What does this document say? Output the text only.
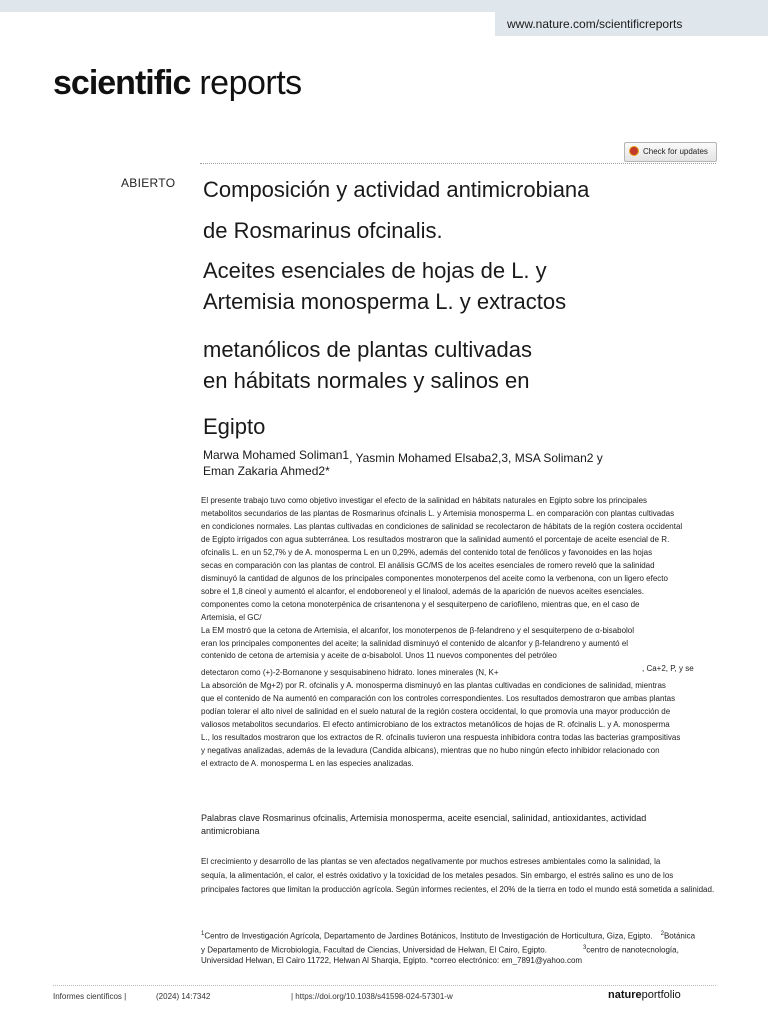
www.nature.com/scientificreports
scientific reports
Check for updates
ABIERTO Composición y actividad antimicrobiana
de Rosmarinus ofcinalis.
Aceites esenciales de hojas de L. y
Artemisia monosperma L. y extractos
metanólicos de plantas cultivadas
en hábitats normales y salinos en
Egipto
Marwa Mohamed Soliman1, Yasmin Mohamed Elsaba2,3, MSA Soliman2 y
Eman Zakaria Ahmed2*
El presente trabajo tuvo como objetivo investigar el efecto de la salinidad en hábitats naturales en Egipto sobre los principales
metabolitos secundarios de las plantas de Rosmarinus ofcinalis L. y Artemisia monosperma L. en comparación con plantas cultivadas
en condiciones normales. Las plantas cultivadas en condiciones de salinidad se recolectaron de hábitats de la región costera occidental
de Egipto irrigados con agua subterránea. Los resultados mostraron que la salinidad aumentó el porcentaje de aceite esencial de R.
ofcinalis L. en un 52,7% y de A. monosperma L en un 0,29%, además del contenido total de fenólicos y favonoides en las hojas
secas en comparación con las plantas de control. El análisis GC/MS de los aceites esenciales de romero reveló que la salinidad
disminuyó la cantidad de algunos de los principales componentes monoterpenos del aceite como la verbenona, con un ligero efecto
sobre el 1,8 cineol y aumentó el alcanfor, el endoboreneol y el linalool, además de la aparición de nuevos aceites esenciales.
componentes como la cetona monoterpénica de crisantenona y el sesquiterpeno de cariofileno, mientras que, en el caso de
Artemisia, el GC/
La EM mostró que la cetona de Artemisia, el alcanfor, los monoterpenos de β-felandreno y el sesquiterpeno de α-bisabolol
eran los principales componentes del aceite; la salinidad disminuyó el contenido de alcanfor y β-felandreno y aumentó el
contenido de cetona de artemisia y aceite de α-bisabolol. Unos 11 nuevos componentes del petróleo
detectaron como (+)-2-Bornanone y sesquisabineno hidrato. Iones minerales (N, K+	, Ca+2, P, y se
La absorción de Mg+2) por R. ofcinalis y A. monosperma disminuyó en las plantas cultivadas en condiciones de salinidad, mientras
que el contenido de Na aumentó en comparación con los controles correspondientes. Los resultados demostraron que ambas plantas
podían tolerar el alto nivel de salinidad en el suelo natural de la región costera occidental, lo que promovía una mayor producción de
valiosos metabolitos secundarios. El efecto antimicrobiano de los extractos metanólicos de hojas de R. ofcinalis L. y A. monosperma
L., los resultados mostraron que los extractos de R. ofcinalis tuvieron una respuesta inhibidora contra todas las bacterias grampositivas
y negativas analizadas, además de la levadura (Candida albicans), mientras que no hubo ningún efecto inhibidor relacionado con
el extracto de A. monosperma L en las especies analizadas.
Palabras clave Rosmarinus ofcinalis, Artemisia monosperma, aceite esencial, salinidad, antioxidantes, actividad
antimicrobiana
El crecimiento y desarrollo de las plantas se ven afectados negativamente por muchos estreses ambientales como la salinidad, la
sequía, la alimentación, el calor, el estrés oxidativo y la toxicidad de los metales pesados. Sin embargo, el estrés salino es uno de los
principales factores que limitan la producción agrícola. Según informes recientes, el 20% de la tierra en todo el mundo está sometida a salinidad.
$^1$Centro de Investigación Agrícola, Departamento de Jardines Botánicos, Instituto de Investigación de Horticultura, Giza, Egipto. $^2$Botánica
y Departamento de Microbiología, Facultad de Ciencias, Universidad de Helwan, El Cairo, Egipto.	$^3$centro de nanotecnología,
Universidad Helwan, El Cairo 11722, Helwan Al Sharqia, Egipto. *correo electrónico: em_7891@yahoo.com
Informes científicos |	(2024) 14:7342	| https://doi.org/10.1038/s41598-024-57301-w	natureportfolio
